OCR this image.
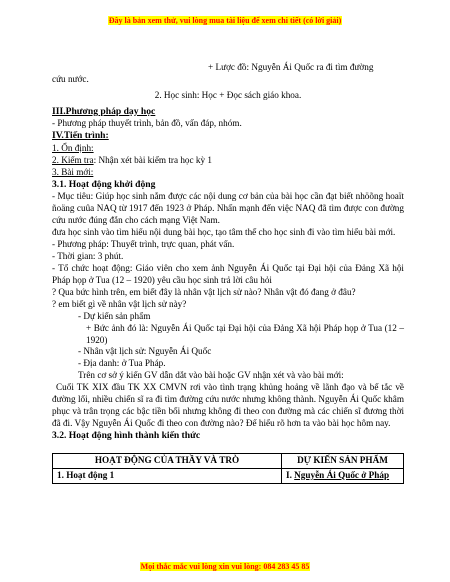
Đây là bản xem thử, vui lòng mua tài liệu để xem chi tiết (có lời giải)

+ Lược đồ: Nguyễn Ái Quốc ra đi tìm đường

cứu nước.

2. Học sinh: Học + Đọc sách giáo khoa.

III.Phương pháp dạy học

- Phương pháp thuyết trình, bản đồ, vấn đáp, nhóm.

IV.Tiến trình:

1. Ổn định:

2. Kiểm tra: Nhận xét bài kiểm tra học kỳ 1

3. Bài mới:

3.1. Hoạt động khởi động

- Mục tiêu: Giúp học sinh nắm được các nội dung cơ bản của bài học cần đạt biết nhöõng hoaït ñoäng cuûa NAQ từ 1917 đến 1923 ở Pháp. Nhấn mạnh đến việc NAQ đã tìm được con đường cứu nước đúng đắn cho cách mạng Việt Nam.

đưa học sinh vào tìm hiểu nội dung bài học, tạo tâm thế cho học sinh đi vào tìm hiểu bài mới.

- Phương pháp: Thuyết trình, trực quan, phát vấn.

- Thời gian: 3 phút.

- Tổ chức hoạt động: Giáo viên cho xem ảnh Nguyễn Ái Quốc tại Đại hội của Đảng Xã hội Pháp họp ở Tua (12 – 1920) yêu cầu học sinh trả lời câu hỏi

? Qua bức hình trên, em biết đây là nhân vật lịch sử nào? Nhân vật đó đang ở đâu?

? em biết gì về nhân vật lịch sử này?

- Dự kiến sản phẩm

+ Bức ảnh đó là: Nguyễn Ái Quốc tại Đại hội của Đảng Xã hội Pháp họp ở Tua (12 – 1920)

- Nhân vật lịch sử: Nguyễn Ái Quốc

- Địa danh: ở Tua Pháp.

Trên cơ sở ý kiến GV dẫn dắt vào bài hoặc GV nhận xét và vào bài mới:

Cuối TK XIX đầu TK XX CMVN rơi vào tình trạng khủng hoảng về lãnh đạo và bế tắc về đường lối, nhiều chiến sĩ ra đi tìm đường cứu nước nhưng không thành. Nguyễn Ái Quốc khâm phục và trân trọng các bậc tiền bối nhưng không đi theo con đường mà các chiến sĩ đương thời đã đi. Vậy Nguyễn Ái Quốc đi theo con đường nào? Để hiểu rõ hơn ta vào bài học hôm nay.

3.2. Hoạt động hình thành kiến thức

HOẠT ĐỘNG CỦA THẦY VÀ TRÒ	DỰ KIẾN SẢN PHẨM
1. Hoạt động 1	I. Nguyễn Ái Quốc ở Pháp
Mọi thắc mắc vui lòng xin vui lòng: 084 283 45 85
